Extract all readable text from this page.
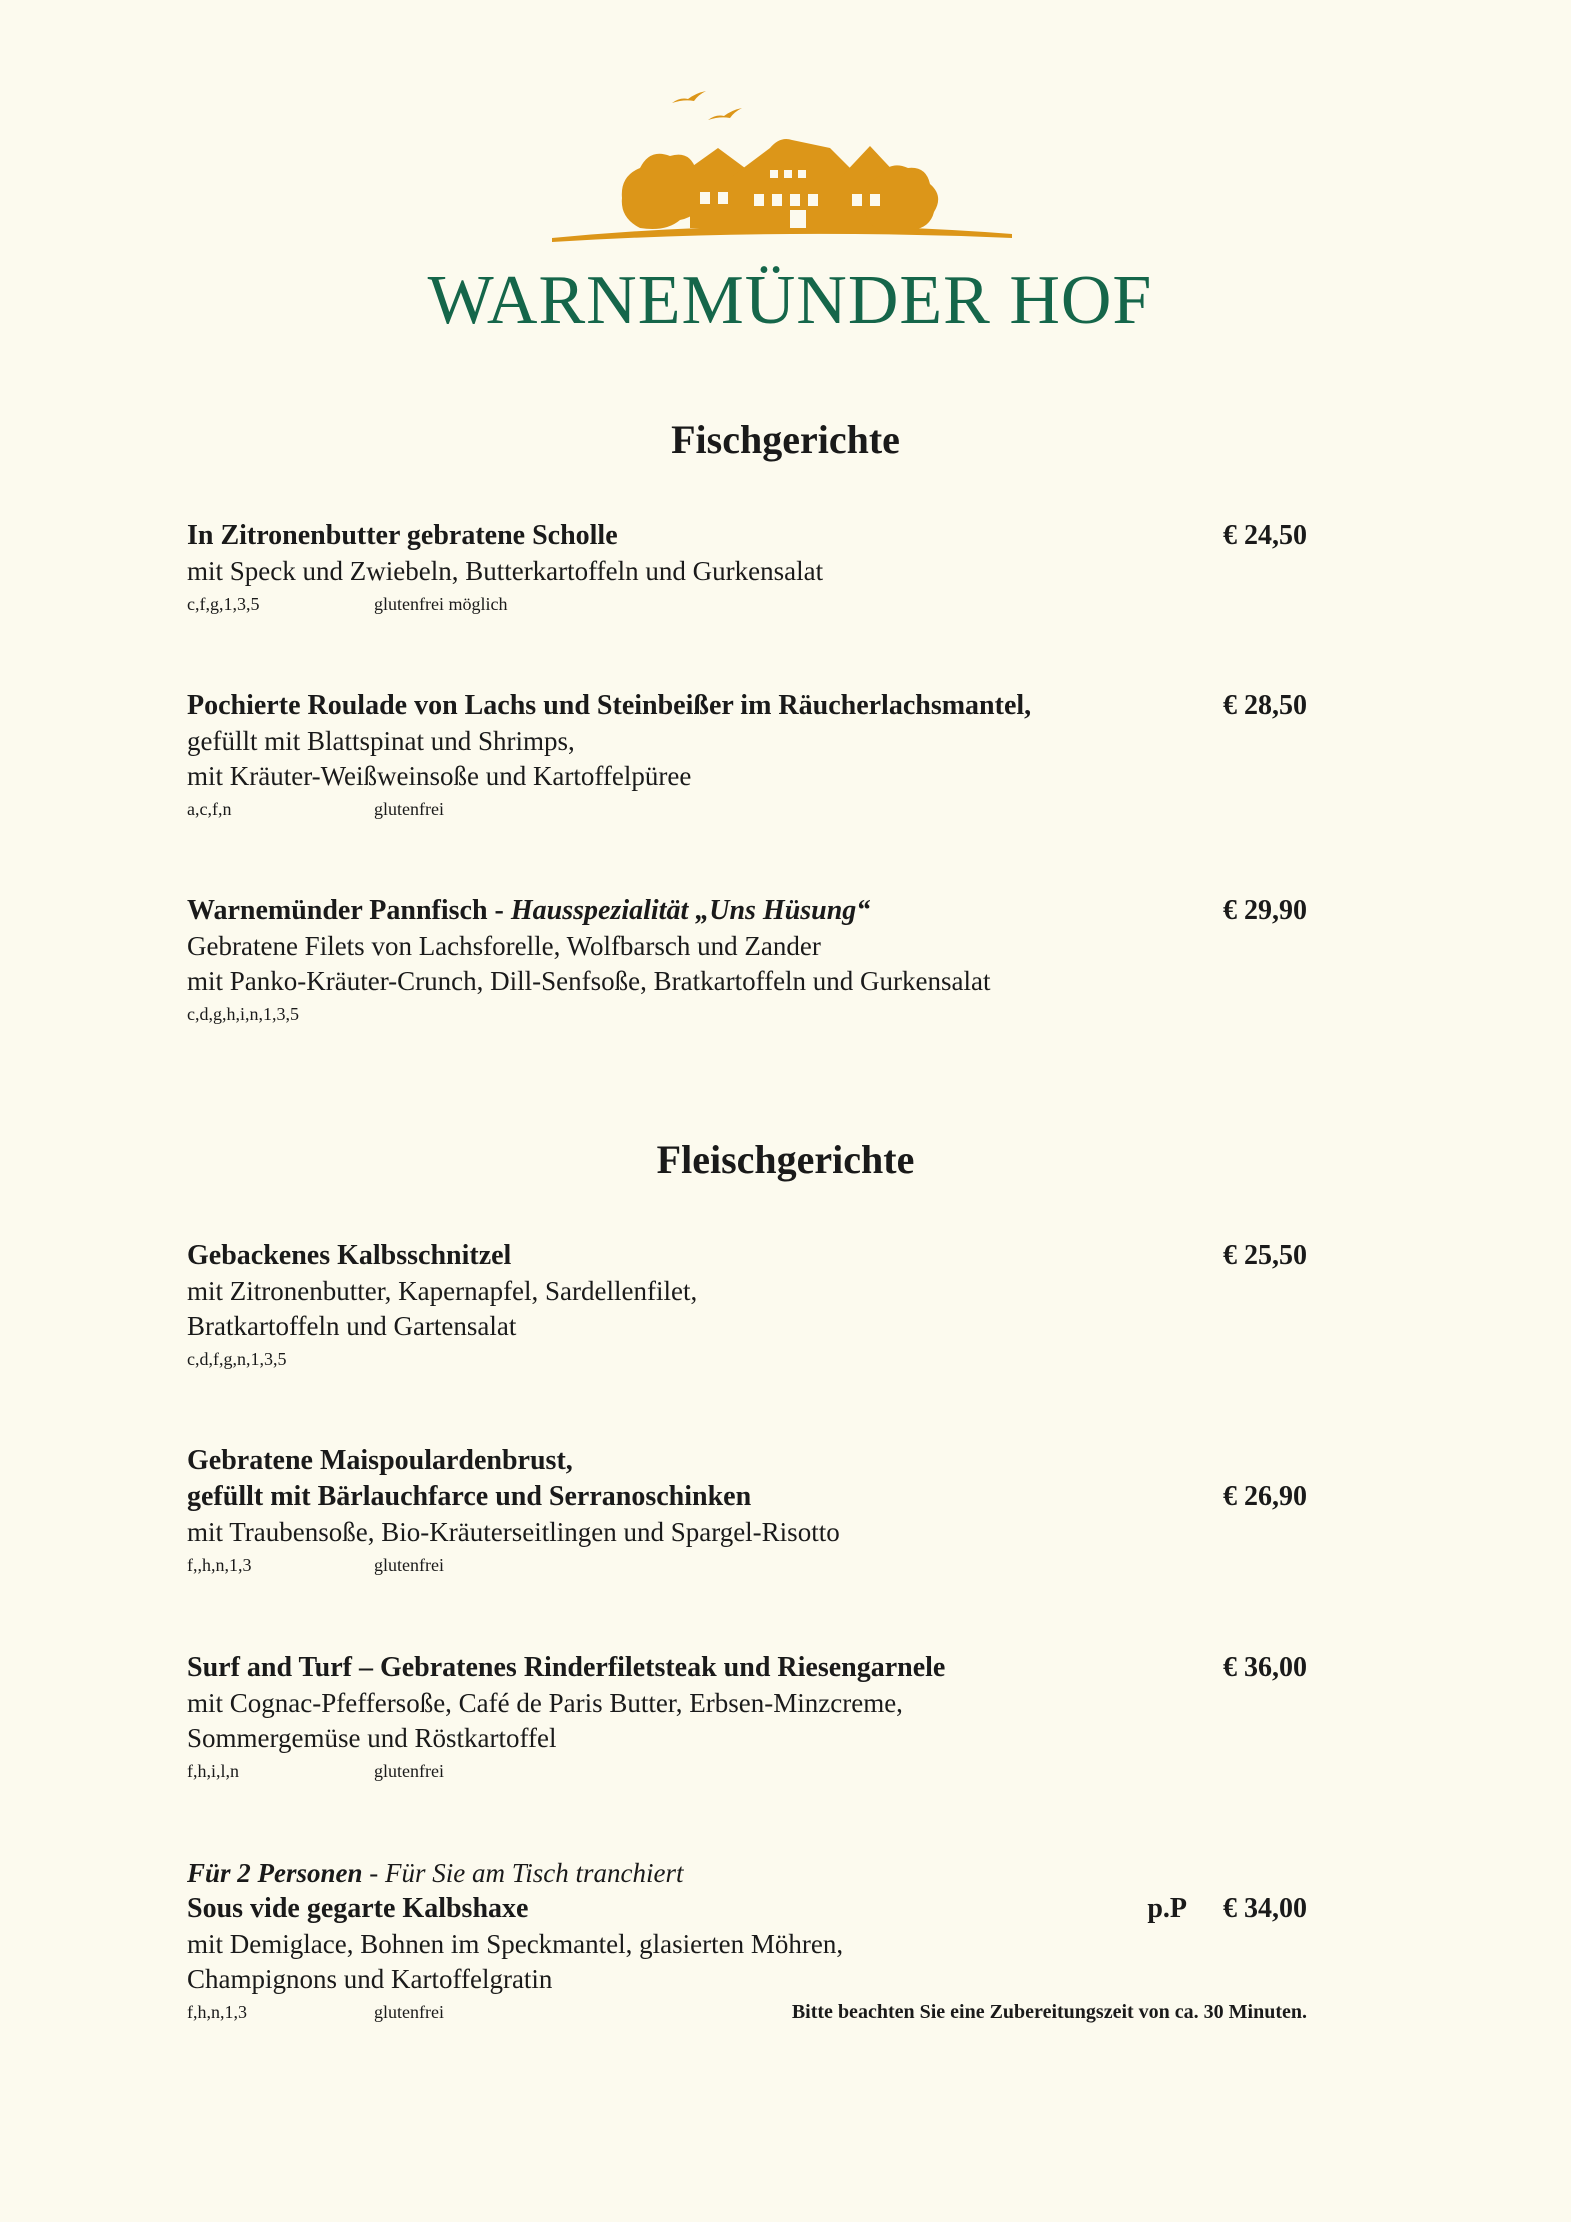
WARNEMÜNDER HOF
Fischgerichte
In Zitronenbutter gebratene Scholle	€ 24,50
mit Speck und Zwiebeln, Butterkartoffeln und Gurkensalat
c,f,g,1,3,5	glutenfrei möglich
Pochierte Roulade von Lachs und Steinbeißer im Räucherlachsmantel,	€ 28,50
gefüllt mit Blattspinat und Shrimps,
mit Kräuter-Weißweinsoße und Kartoffelpüree
a,c,f,n	glutenfrei
Warnemünder Pannfisch - Hausspezialität „Uns Hüsung“	€ 29,90
Gebratene Filets von Lachsforelle, Wolfbarsch und Zander
mit Panko-Kräuter-Crunch, Dill-Senfsoße, Bratkartoffeln und Gurkensalat
c,d,g,h,i,n,1,3,5
Fleischgerichte
Gebackenes Kalbsschnitzel	€ 25,50
mit Zitronenbutter, Kapernapfel, Sardellenfilet,
Bratkartoffeln und Gartensalat
c,d,f,g,n,1,3,5
Gebratene Maispoulardenbrust,
gefüllt mit Bärlauchfarce und Serranoschinken	€ 26,90
mit Traubensoße, Bio-Kräuterseitlingen und Spargel-Risotto
f,,h,n,1,3	glutenfrei
Surf and Turf – Gebratenes Rinderfiletsteak und Riesengarnele	€ 36,00
mit Cognac-Pfeffersoße, Café de Paris Butter, Erbsen-Minzcreme,
Sommergemüse und Röstkartoffel
f,h,i,l,n	glutenfrei
Für 2 Personen - Für Sie am Tisch tranchiert
Sous vide gegarte Kalbshaxe	p.P € 34,00
mit Demiglace, Bohnen im Speckmantel, glasierten Möhren,
Champignons und Kartoffelgratin
f,h,n,1,3	glutenfrei	Bitte beachten Sie eine Zubereitungszeit von ca. 30 Minuten.
